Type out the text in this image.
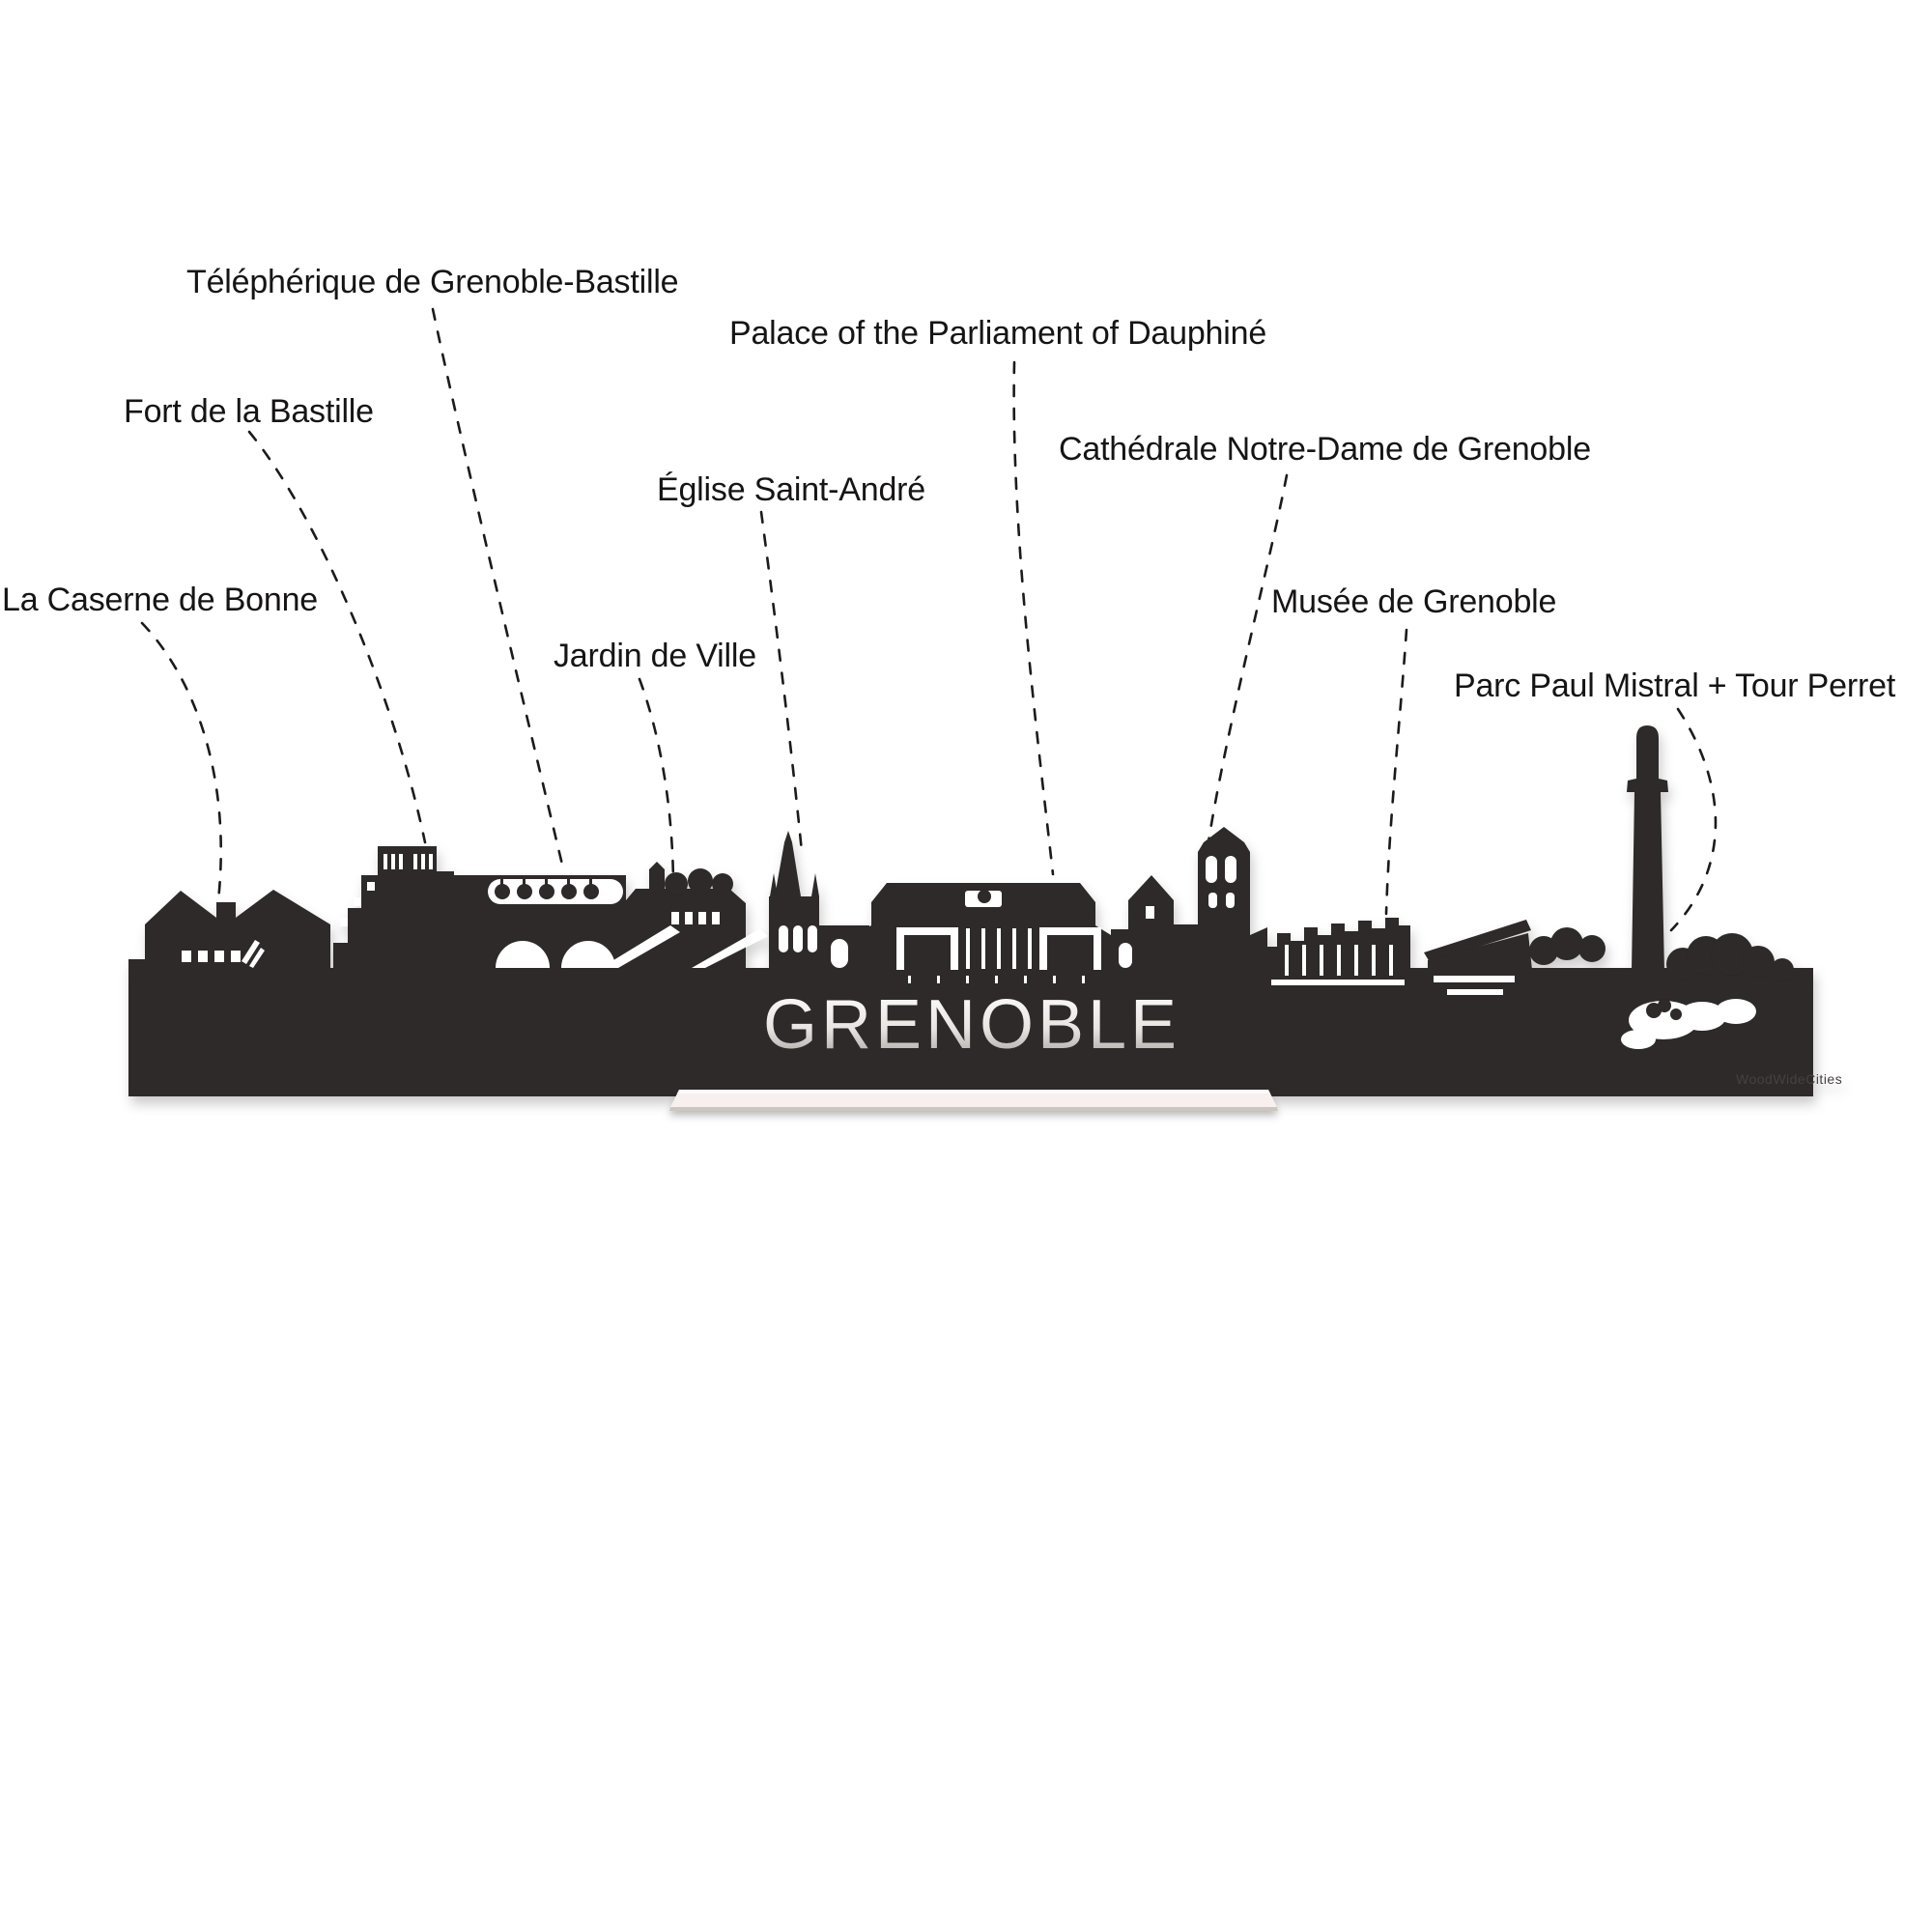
GRENOBLE
WoodWideCities
La Caserne de Bonne
Fort de la Bastille
Téléphérique de Grenoble-Bastille
Jardin de Ville
Église Saint-André
Palace of the Parliament of Dauphiné
Cathédrale Notre-Dame de Grenoble
Musée de Grenoble
Parc Paul Mistral + Tour Perret
